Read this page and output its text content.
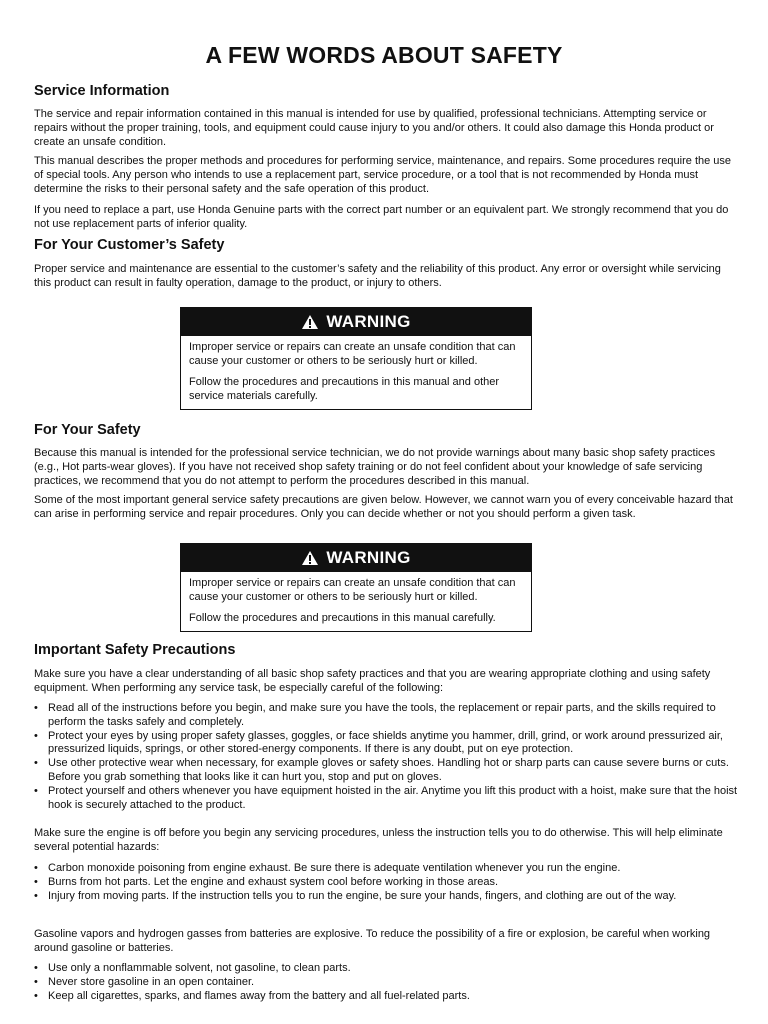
A FEW WORDS ABOUT SAFETY
Service Information

The service and repair information contained in this manual is intended for use by qualified, professional technicians. Attempting service or repairs without the proper training, tools, and equipment could cause injury to you and/or others. It could also damage this Honda product or create an unsafe condition.

This manual describes the proper methods and procedures for performing service, maintenance, and repairs. Some procedures require the use of special tools. Any person who intends to use a replacement part, service procedure, or a tool that is not recommended by Honda must determine the risks to their personal safety and the safe operation of this product.

If you need to replace a part, use Honda Genuine parts with the correct part number or an equivalent part. We strongly recommend that you do not use replacement parts of inferior quality.

For Your Customer’s Safety

Proper service and maintenance are essential to the customer’s safety and the reliability of this product. Any error or oversight while servicing this product can result in faulty operation, damage to the product, or injury to others.

WARNING

Improper service or repairs can create an unsafe condition that can cause your customer or others to be seriously hurt or killed.

Follow the procedures and precautions in this manual and other service materials carefully.

For Your Safety

Because this manual is intended for the professional service technician, we do not provide warnings about many basic shop safety practices (e.g., Hot parts-wear gloves). If you have not received shop safety training or do not feel confident about your knowledge of safe servicing practices, we recommend that you do not attempt to perform the procedures described in this manual.

Some of the most important general service safety precautions are given below. However, we cannot warn you of every conceivable hazard that can arise in performing service and repair procedures. Only you can decide whether or not you should perform a given task.

WARNING

Improper service or repairs can create an unsafe condition that can cause your customer or others to be seriously hurt or killed.

Follow the procedures and precautions in this manual carefully.

Important Safety Precautions

Make sure you have a clear understanding of all basic shop safety practices and that you are wearing appropriate clothing and using safety equipment. When performing any service task, be especially careful of the following:

• Read all of the instructions before you begin, and make sure you have the tools, the replacement or repair parts, and the skills required to perform the tasks safely and completely.
• Protect your eyes by using proper safety glasses, goggles, or face shields anytime you hammer, drill, grind, or work around pressurized air, pressurized liquids, springs, or other stored-energy components. If there is any doubt, put on eye protection.
• Use other protective wear when necessary, for example gloves or safety shoes. Handling hot or sharp parts can cause severe burns or cuts. Before you grab something that looks like it can hurt you, stop and put on gloves.
• Protect yourself and others whenever you have equipment hoisted in the air. Anytime you lift this product with a hoist, make sure that the hoist hook is securely attached to the product.

Make sure the engine is off before you begin any servicing procedures, unless the instruction tells you to do otherwise. This will help eliminate several potential hazards:

• Carbon monoxide poisoning from engine exhaust. Be sure there is adequate ventilation whenever you run the engine.
• Burns from hot parts. Let the engine and exhaust system cool before working in those areas.
• Injury from moving parts. If the instruction tells you to run the engine, be sure your hands, fingers, and clothing are out of the way.

Gasoline vapors and hydrogen gasses from batteries are explosive. To reduce the possibility of a fire or explosion, be careful when working around gasoline or batteries.

• Use only a nonflammable solvent, not gasoline, to clean parts.
• Never store gasoline in an open container.
• Keep all cigarettes, sparks, and flames away from the battery and all fuel-related parts.
